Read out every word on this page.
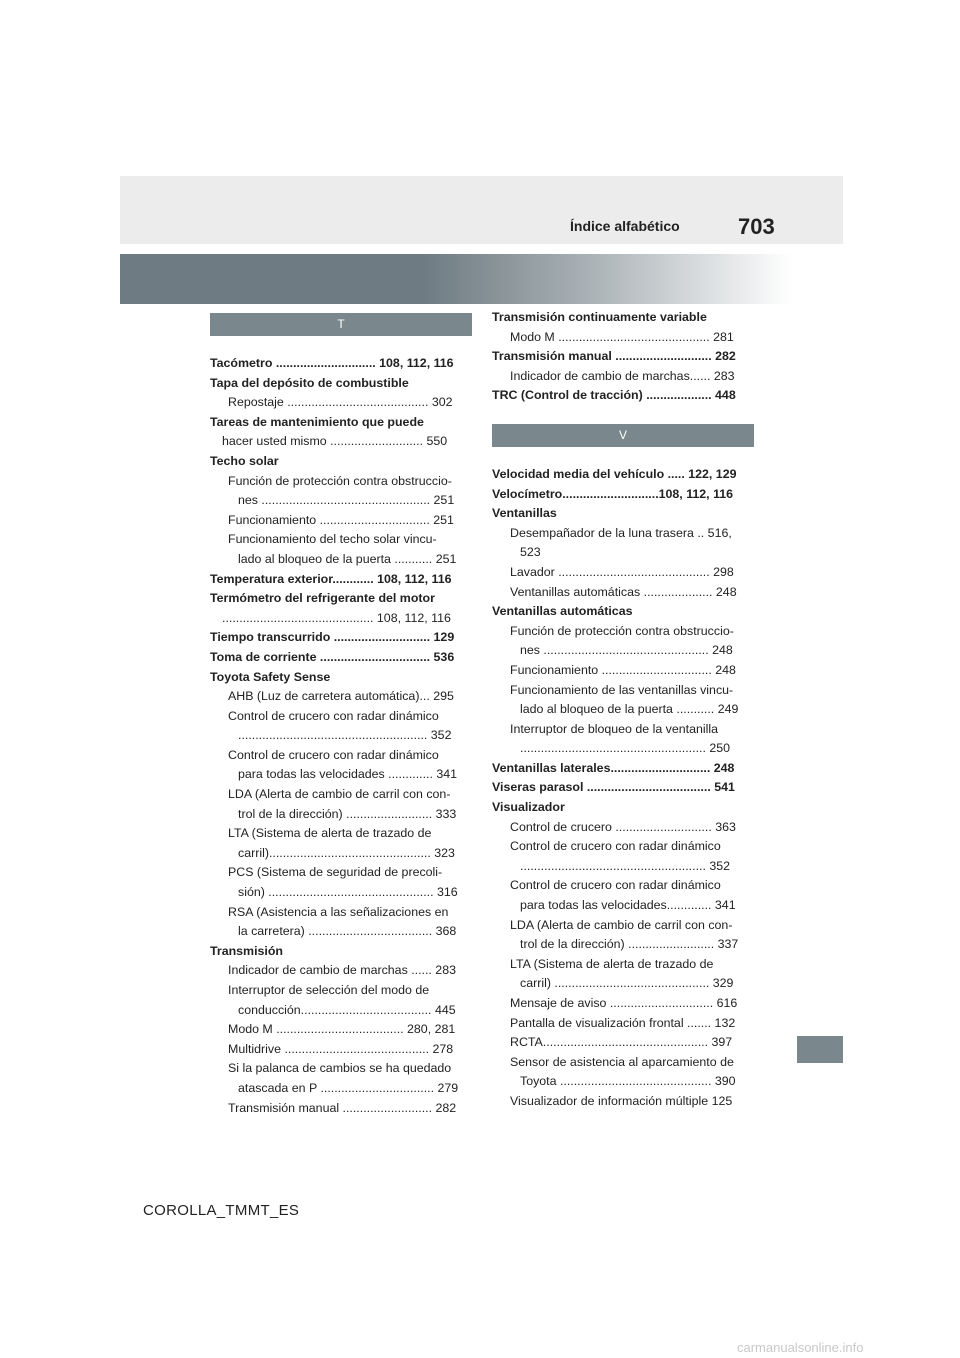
Índice alfabético	703
T
Tacómetro ............................. 108, 112, 116
Tapa del depósito de combustible
Repostaje ......................................... 302
Tareas de mantenimiento que puede
hacer usted mismo ........................... 550
Techo solar
Función de protección contra obstruccio-
nes ................................................. 251
Funcionamiento ................................ 251
Funcionamiento del techo solar vincu-
lado al bloqueo de la puerta ........... 251
Temperatura exterior............ 108, 112, 116
Termómetro del refrigerante del motor
............................................ 108, 112, 116
Tiempo transcurrido ............................ 129
Toma de corriente ................................ 536
Toyota Safety Sense
AHB (Luz de carretera automática)... 295
Control de crucero con radar dinámico
....................................................... 352
Control de crucero con radar dinámico
para todas las velocidades ............. 341
LDA (Alerta de cambio de carril con con-
trol de la dirección) ......................... 333
LTA (Sistema de alerta de trazado de
carril)............................................... 323
PCS (Sistema de seguridad de precoli-
sión) ................................................ 316
RSA (Asistencia a las señalizaciones en
la carretera) .................................... 368
Transmisión
Indicador de cambio de marchas ...... 283
Interruptor de selección del modo de
conducción...................................... 445
Modo M ..................................... 280, 281
Multidrive .......................................... 278
Si la palanca de cambios se ha quedado
atascada en P ................................. 279
Transmisión manual .......................... 282
Transmisión continuamente variable
Modo M ............................................ 281
Transmisión manual ............................ 282
Indicador de cambio de marchas...... 283
TRC (Control de tracción) ................... 448
V
Velocidad media del vehículo ..... 122, 129
Velocímetro............................108, 112, 116
Ventanillas
Desempañador de la luna trasera .. 516,
523
Lavador ............................................ 298
Ventanillas automáticas .................... 248
Ventanillas automáticas
Función de protección contra obstruccio-
nes ................................................ 248
Funcionamiento ................................ 248
Funcionamiento de las ventanillas vincu-
lado al bloqueo de la puerta ........... 249
Interruptor de bloqueo de la ventanilla
...................................................... 250
Ventanillas laterales............................. 248
Viseras parasol .................................... 541
Visualizador
Control de crucero ............................ 363
Control de crucero con radar dinámico
...................................................... 352
Control de crucero con radar dinámico
para todas las velocidades............. 341
LDA (Alerta de cambio de carril con con-
trol de la dirección) ......................... 337
LTA (Sistema de alerta de trazado de
carril) ............................................. 329
Mensaje de aviso .............................. 616
Pantalla de visualización frontal ....... 132
RCTA................................................ 397
Sensor de asistencia al aparcamiento de
Toyota ............................................ 390
Visualizador de información múltiple 125
COROLLA_TMMT_ES
carmanualsonline.info
